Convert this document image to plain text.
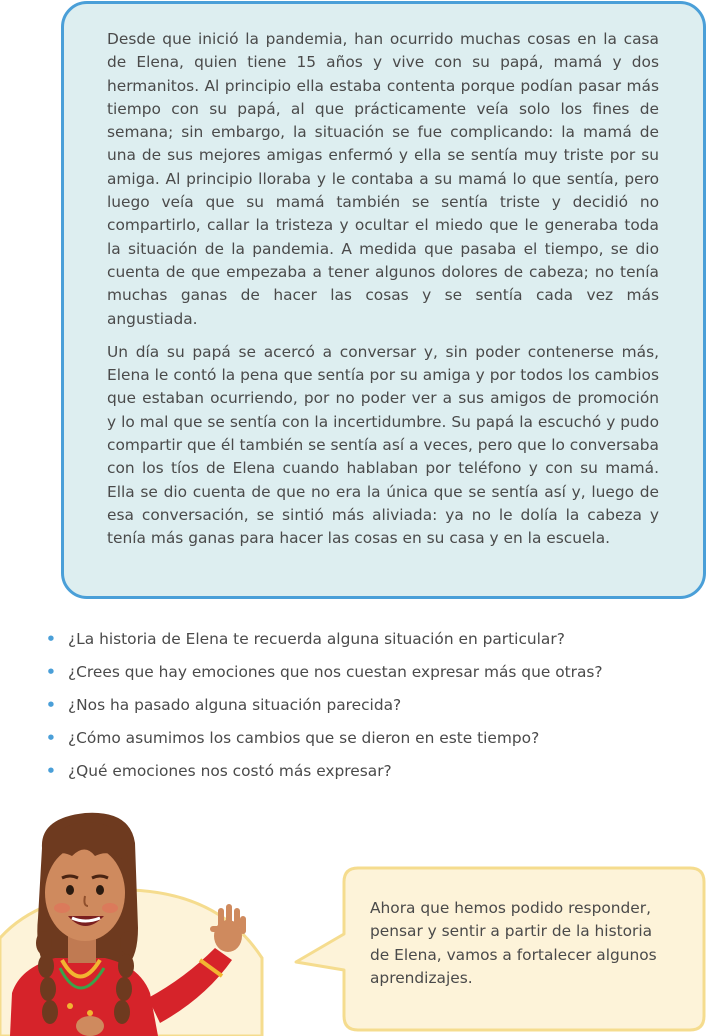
Desde que inició la pandemia, han ocurrido muchas cosas en la casa de Elena, quien tiene 15 años y vive con su papá, mamá y dos hermanitos. Al principio ella estaba contenta porque podían pasar más tiempo con su papá, al que prácticamente veía solo los fines de semana; sin embargo, la situación se fue complicando: la mamá de una de sus mejores amigas enfermó y ella se sentía muy triste por su amiga. Al principio lloraba y le contaba a su mamá lo que sentía, pero luego veía que su mamá también se sentía triste y decidió no compartirlo, callar la tristeza y ocultar el miedo que le generaba toda la situación de la pandemia. A medida que pasaba el tiempo, se dio cuenta de que empezaba a tener algunos dolores de cabeza; no tenía muchas ganas de hacer las cosas y se sentía cada vez más angustiada.

Un día su papá se acercó a conversar y, sin poder contenerse más, Elena le contó la pena que sentía por su amiga y por todos los cambios que estaban ocurriendo, por no poder ver a sus amigos de promoción y lo mal que se sentía con la incertidumbre. Su papá la escuchó y pudo compartir que él también se sentía así a veces, pero que lo conversaba con los tíos de Elena cuando hablaban por teléfono y con su mamá. Ella se dio cuenta de que no era la única que se sentía así y, luego de esa conversación, se sintió más aliviada: ya no le dolía la cabeza y tenía más ganas para hacer las cosas en su casa y en la escuela.

• ¿La historia de Elena te recuerda alguna situación en particular?
• ¿Crees que hay emociones que nos cuestan expresar más que otras?
• ¿Nos ha pasado alguna situación parecida?
• ¿Cómo asumimos los cambios que se dieron en este tiempo?
• ¿Qué emociones nos costó más expresar?
Ahora que hemos podido responder, pensar y sentir a partir de la historia de Elena, vamos a fortalecer algunos aprendizajes.
